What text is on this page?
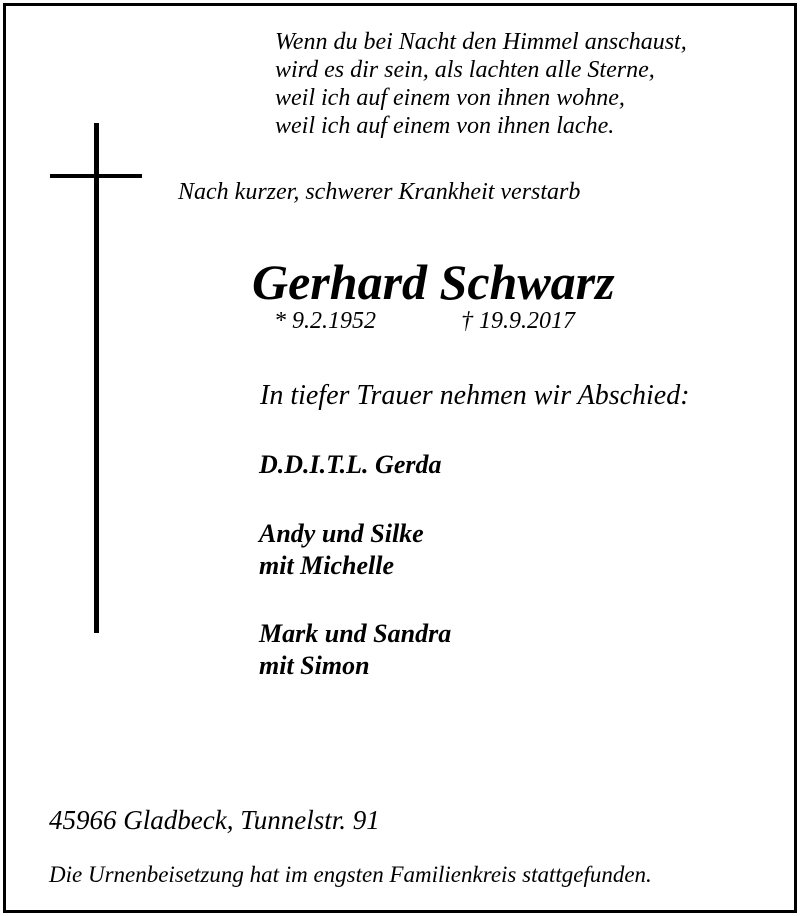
Wenn du bei Nacht den Himmel anschaust,
wird es dir sein, als lachten alle Sterne,
weil ich auf einem von ihnen wohne,
weil ich auf einem von ihnen lache.
Nach kurzer, schwerer Krankheit verstarb
Gerhard Schwarz
* 9.2.1952	† 19.9.2017
In tiefer Trauer nehmen wir Abschied:
D.D.I.T.L. Gerda
Andy und Silke
mit Michelle
Mark und Sandra
mit Simon
45966 Gladbeck, Tunnelstr. 91
Die Urnenbeisetzung hat im engsten Familienkreis stattgefunden.
